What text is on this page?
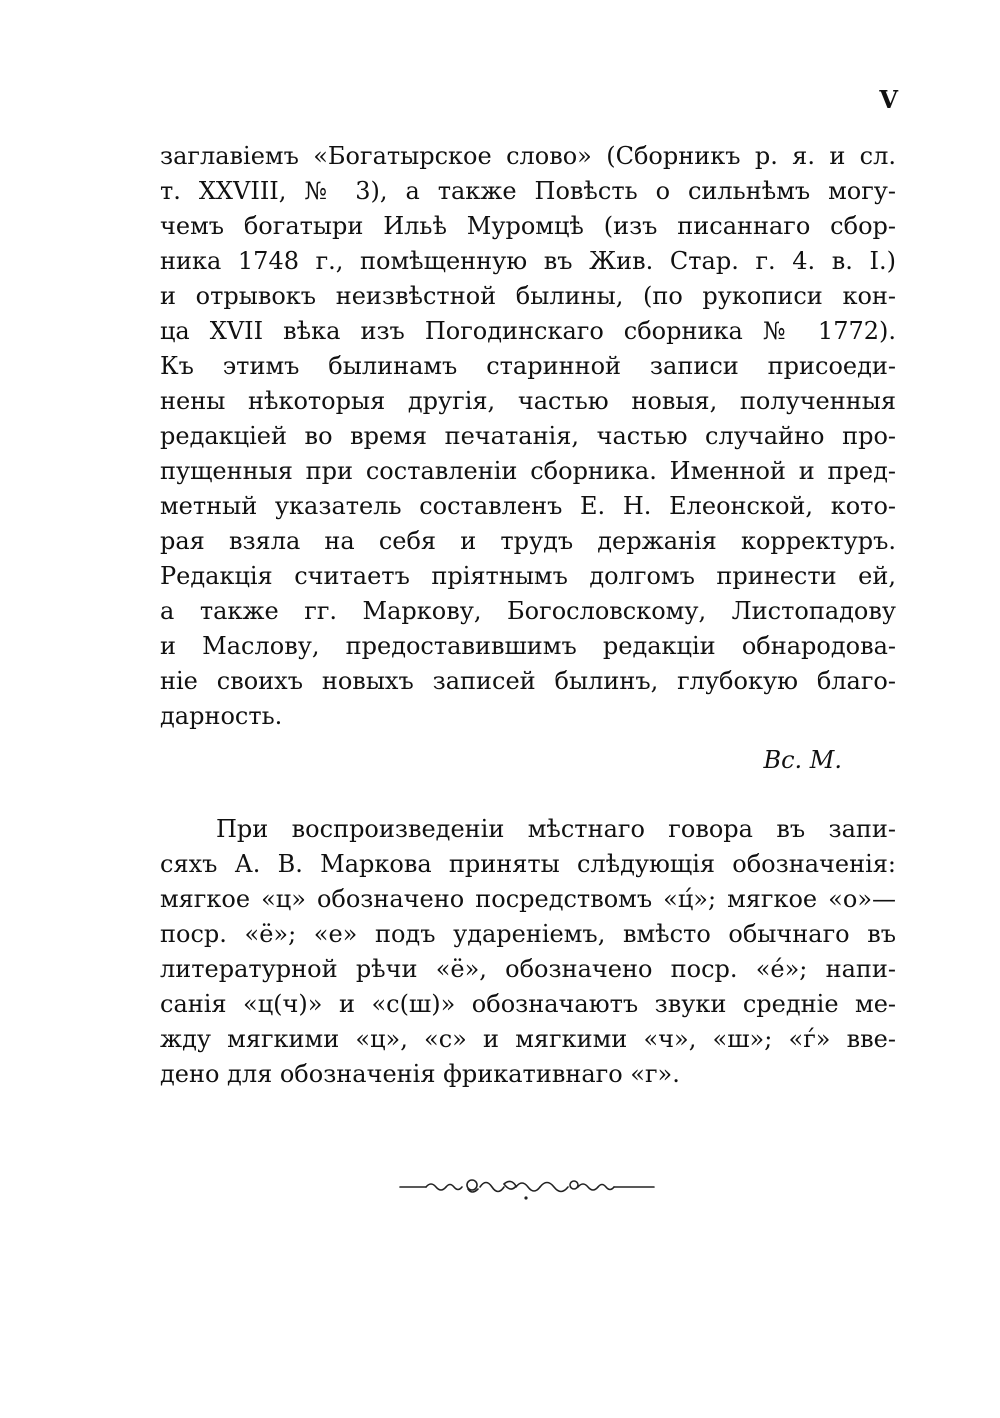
V
заглавіемъ «Богатырское слово» (Сборникъ р. я. и сл.
т. XXVIII, № 3), а также Повѣсть о сильнѣмъ могу-
чемъ богатыри Ильѣ Муромцѣ (изъ писаннаго сбор-
ника 1748 г., помѣщенную въ Жив. Стар. г. 4. в. I.)
и отрывокъ неизвѣстной былины, (по рукописи кон-
ца XVII вѣка изъ Погодинскаго сборника № 1772).
Къ этимъ былинамъ старинной записи присоеди-
нены нѣкоторыя другія, частью новыя, полученныя
редакціей во время печатанія, частью случайно про-
пущенныя при составленіи сборника. Именной и пред-
метный указатель составленъ Е. Н. Елеонской, кото-
рая взяла на себя и трудъ держанія корректуръ.
Редакція считаетъ пріятнымъ долгомъ принести ей,
а также гг. Маркову, Богословскому, Листопадову
и Маслову, предоставившимъ редакціи обнародова-
ніе своихъ новыхъ записей былинъ, глубокую благо-
дарность.
Вс. М.
При воспроизведеніи мѣстнаго говора въ запи-
сяхъ А. В. Маркова приняты слѣдующія обозначенія:
мягкое «ц» обозначено посредствомъ «ц́»; мягкое «о»—
поср. «ё»; «е» подъ удареніемъ, вмѣсто обычнаго въ
литературной рѣчи «ё», обозначено поср. «е́»; напи-
санія «ц(ч)» и «с(ш)» обозначаютъ звуки средніе ме-
жду мягкими «ц», «с» и мягкими «ч», «ш»; «ѓ» вве-
дено для обозначенія фрикативнаго «г».
